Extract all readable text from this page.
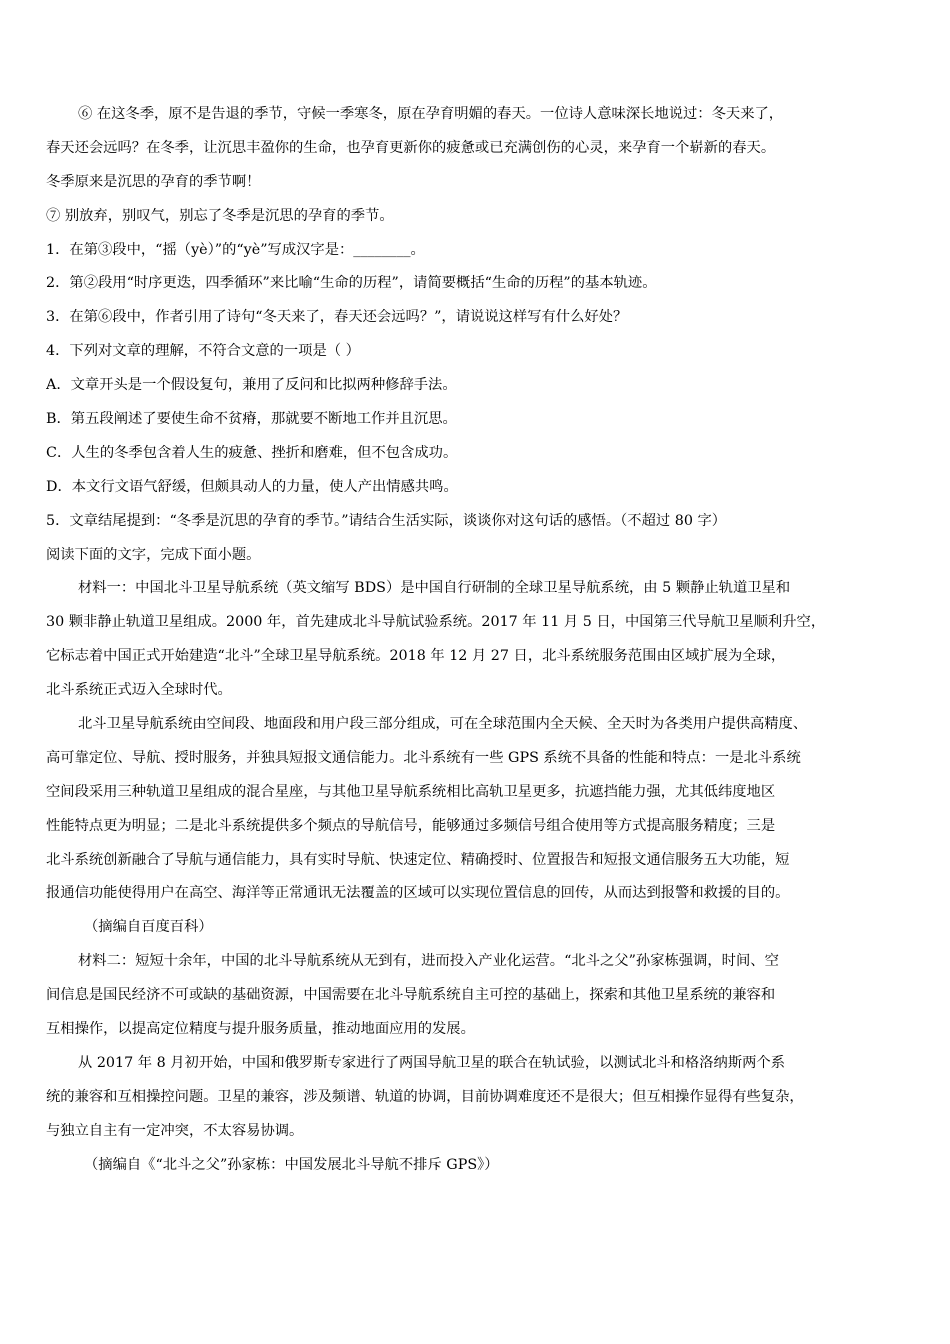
⑥ 在这冬季，原不是告退的季节，守候一季寒冬，原在孕育明媚的春天。一位诗人意味深长地说过：冬天来了，
春天还会远吗？在冬季，让沉思丰盈你的生命，也孕育更新你的疲惫或已充满创伤的心灵，来孕育一个崭新的春天。
冬季原来是沉思的孕育的季节啊！
⑦ 别放弃，别叹气，别忘了冬季是沉思的孕育的季节。
1．在第③段中，“摇（yè）”的“yè”写成汉字是：________。
2．第②段用“时序更迭，四季循环”来比喻“生命的历程”，请简要概括“生命的历程”的基本轨迹。
3．在第⑥段中，作者引用了诗句“冬天来了，春天还会远吗？”，请说说这样写有什么好处？
4．下列对文章的理解，不符合文意的一项是（ ）
A．文章开头是一个假设复句，兼用了反问和比拟两种修辞手法。
B．第五段阐述了要使生命不贫瘠，那就要不断地工作并且沉思。
C．人生的冬季包含着人生的疲惫、挫折和磨难，但不包含成功。
D．本文行文语气舒缓，但颇具动人的力量，使人产出情感共鸣。
5．文章结尾提到：“冬季是沉思的孕育的季节。”请结合生活实际，谈谈你对这句话的感悟。（不超过 80 字）
阅读下面的文字，完成下面小题。
材料一：中国北斗卫星导航系统（英文缩写 BDS）是中国自行研制的全球卫星导航系统，由 5 颗静止轨道卫星和
30 颗非静止轨道卫星组成。2000 年，首先建成北斗导航试验系统。2017 年 11 月 5 日，中国第三代导航卫星顺利升空，
它标志着中国正式开始建造“北斗”全球卫星导航系统。2018 年 12 月 27 日，北斗系统服务范围由区域扩展为全球，
北斗系统正式迈入全球时代。
北斗卫星导航系统由空间段、地面段和用户段三部分组成，可在全球范围内全天候、全天时为各类用户提供高精度、
高可靠定位、导航、授时服务，并独具短报文通信能力。北斗系统有一些 GPS 系统不具备的性能和特点：一是北斗系统
空间段采用三种轨道卫星组成的混合星座，与其他卫星导航系统相比高轨卫星更多，抗遮挡能力强，尤其低纬度地区
性能特点更为明显；二是北斗系统提供多个频点的导航信号，能够通过多频信号组合使用等方式提高服务精度；三是
北斗系统创新融合了导航与通信能力，具有实时导航、快速定位、精确授时、位置报告和短报文通信服务五大功能，短
报通信功能使得用户在高空、海洋等正常通讯无法覆盖的区域可以实现位置信息的回传，从而达到报警和救援的目的。
（摘编自百度百科）
材料二：短短十余年，中国的北斗导航系统从无到有，进而投入产业化运营。“北斗之父”孙家栋强调，时间、空
间信息是国民经济不可或缺的基础资源，中国需要在北斗导航系统自主可控的基础上，探索和其他卫星系统的兼容和
互相操作，以提高定位精度与提升服务质量，推动地面应用的发展。
从 2017 年 8 月初开始，中国和俄罗斯专家进行了两国导航卫星的联合在轨试验，以测试北斗和格洛纳斯两个系
统的兼容和互相操控问题。卫星的兼容，涉及频谱、轨道的协调，目前协调难度还不是很大；但互相操作显得有些复杂，
与独立自主有一定冲突，不太容易协调。
（摘编自《“北斗之父”孙家栋：中国发展北斗导航不排斥 GPS》）
